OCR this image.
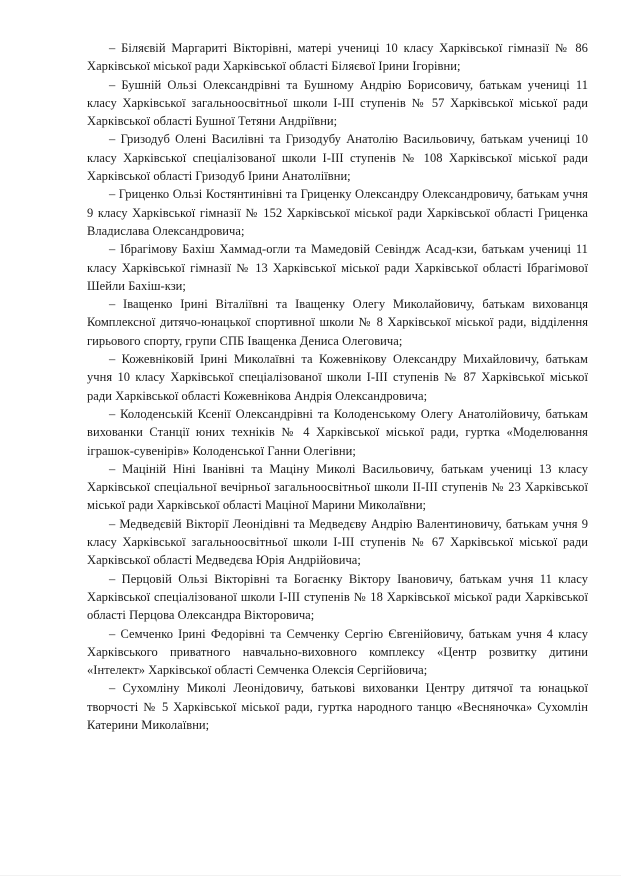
– Біляєвій Маргариті Вікторівні, матері учениці 10 класу Харківської гімназії № 86 Харківської міської ради Харківської області Біляєвої Ірини Ігорівни;

– Бушній Ользі Олександрівні та Бушному Андрію Борисовичу, батькам учениці 11 класу Харківської загальноосвітньої школи І-ІІІ ступенів № 57 Харківської міської ради Харківської області Бушної Тетяни Андріївни;

– Гризодуб Олені Василівні та Гризодубу Анатолію Васильовичу, батькам учениці 10 класу Харківської спеціалізованої школи І-ІІІ ступенів № 108 Харківської міської ради Харківської області Гризодуб Ірини Анатоліївни;

– Гриценко Ользі Костянтинівні та Гриценку Олександру Олександровичу, батькам учня 9 класу Харківської гімназії № 152 Харківської міської ради Харківської області Гриценка Владислава Олександровича;

– Ібрагімову Бахіш Хаммад-огли та Мамедовій Севіндж Асад-кзи, батькам учениці 11 класу Харківської гімназії № 13 Харківської міської ради Харківської області Ібрагімової Шейли Бахіш-кзи;

– Іващенко Ірині Віталіївні та Іващенку Олегу Миколайовичу, батькам вихованця Комплексної дитячо-юнацької спортивної школи № 8 Харківської міської ради, відділення гирьового спорту, групи СПБ Іващенка Дениса Олеговича;

– Кожевніковій Ірині Миколаївні та Кожевнікову Олександру Михайловичу, батькам учня 10 класу Харківської спеціалізованої школи І-ІІІ ступенів № 87 Харківської міської ради Харківської області Кожевнікова Андрія Олександровича;

– Колоденській Ксенії Олександрівні та Колоденському Олегу Анатолійовичу, батькам вихованки Станції юних техніків № 4 Харківської міської ради, гуртка «Моделювання іграшок-сувенірів» Колоденської Ганни Олегівни;

– Маціній Ніні Іванівні та Маціну Миколі Васильовичу, батькам учениці 13 класу Харківської спеціальної вечірньої загальноосвітньої школи ІІ-ІІІ ступенів № 23 Харківської міської ради Харківської області Маціної Марини Миколаївни;

– Медведєвій Вікторії Леонідівні та Медведєву Андрію Валентиновичу, батькам учня 9 класу Харківської загальноосвітньої школи І-ІІІ ступенів № 67 Харківської міської ради Харківської області Медведєва Юрія Андрійовича;

– Перцовій Ользі Вікторівні та Богаєнку Віктору Івановичу, батькам учня 11 класу Харківської спеціалізованої школи І-ІІІ ступенів № 18 Харківської міської ради Харківської області Перцова Олександра Вікторовича;

– Семченко Ірині Федорівні та Семченку Сергію Євгенійовичу, батькам учня 4 класу Харківського приватного навчально-виховного комплексу «Центр розвитку дитини «Інтелект» Харківської області Семченка Олексія Сергійовича;

– Сухомліну Миколі Леонідовичу, батькові вихованки Центру дитячої та юнацької творчості № 5 Харківської міської ради, гуртка народного танцю «Весняночка» Сухомлін Катерини Миколаївни;
